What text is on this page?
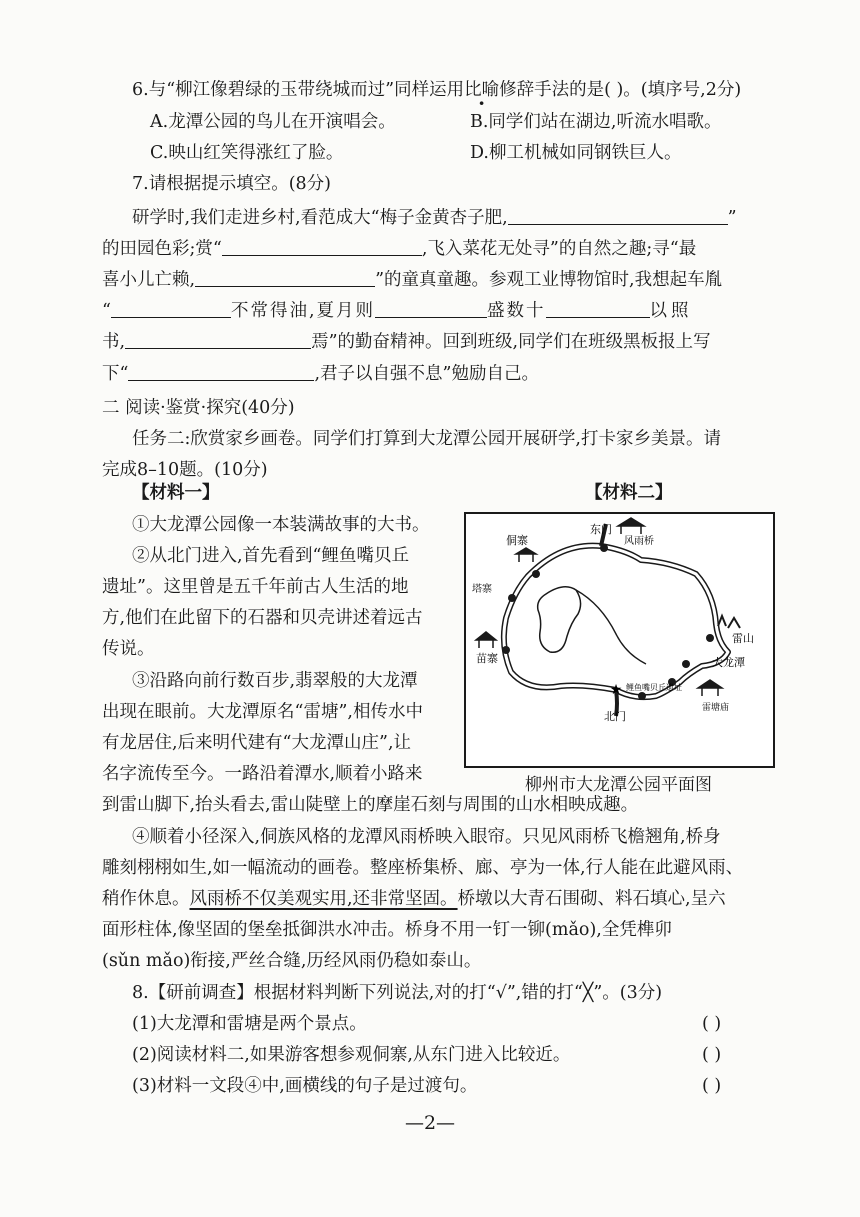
6.与“柳江像碧绿的玉带绕城而过”同样运用比喻修辞手法的是( )。(填序号,2分)
A.龙潭公园的鸟儿在开演唱会。	B.同学们站在湖边,听流水唱歌。
C.映山红笑得涨红了脸。	D.柳工机械如同钢铁巨人。
7.请根据提示填空。(8分)
研学时,我们走进乡村,看范成大“梅子金黄杏子肥,	”
的田园色彩;赏“	,飞入菜花无处寻”的自然之趣;寻“最
喜小儿亡赖,	”的童真童趣。参观工业博物馆时,我想起车胤
“	不常得油,夏月则	盛数十	以照
书,	焉”的勤奋精神。回到班级,同学们在班级黑板报上写
下“	,君子以自强不息”勉励自己。
二 阅读·鉴赏·探究(40分)
任务二:欣赏家乡画卷。同学们打算到大龙潭公园开展研学,打卡家乡美景。请
完成8–10题。(10分)
【材料一】	【材料二】
①大龙潭公园像一本装满故事的大书。
②从北门进入,首先看到“鲤鱼嘴贝丘
遗址”。这里曾是五千年前古人生活的地
方,他们在此留下的石器和贝壳讲述着远古
传说。
③沿路向前行数百步,翡翠般的大龙潭
出现在眼前。大龙潭原名“雷塘”,相传水中
有龙居住,后来明代建有“大龙潭山庄”,让
名字流传至今。一路沿着潭水,顺着小路来
到雷山脚下,抬头看去,雷山陡壁上的摩崖石刻与周围的山水相映成趣。
④顺着小径深入,侗族风格的龙潭风雨桥映入眼帘。只见风雨桥飞檐翘角,桥身
雕刻栩栩如生,如一幅流动的画卷。整座桥集桥、廊、亭为一体,行人能在此避风雨、
稍作休息。风雨桥不仅美观实用,还非常坚固。桥墩以大青石围砌、料石填心,呈六
面形柱体,像坚固的堡垒抵御洪水冲击。桥身不用一钉一铆(mǎo),全凭榫卯
(sǔn mǎo)衔接,严丝合缝,历经风雨仍稳如泰山。
★
东门
风雨桥
侗寨
塔寨
苗寨
雷山
大龙潭
鲤鱼嘴贝丘遗址
北门
雷塘庙
柳州市大龙潭公园平面图
8.【研前调查】根据材料判断下列说法,对的打“√”,错的打“╳”。(3分)
(1)大龙潭和雷塘是两个景点。	( )
(2)阅读材料二,如果游客想参观侗寨,从东门进入比较近。	( )
(3)材料一文段④中,画横线的句子是过渡句。	( )
—2—
